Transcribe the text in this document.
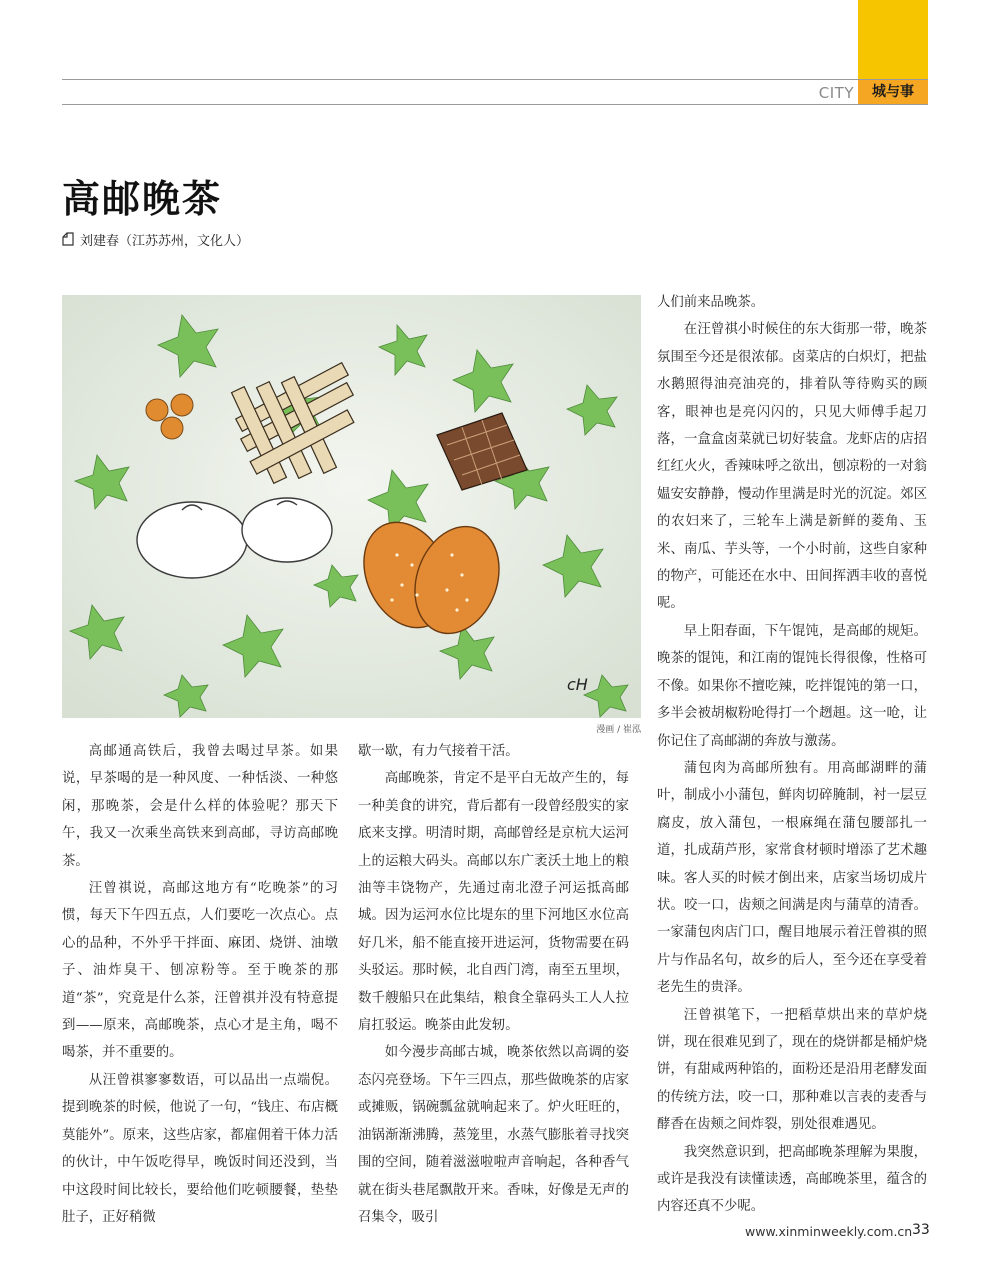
CITY	城与事
高邮晚茶
刘建春（江苏苏州，文化人）
cH
漫画 / 崔泓

高邮通高铁后，我曾去喝过早茶。如果说，早茶喝的是一种风度、一种恬淡、一种悠闲，那晚茶，会是什么样的体验呢？那天下午，我又一次乘坐高铁来到高邮，寻访高邮晚茶。

汪曾祺说，高邮这地方有“吃晚茶”的习惯，每天下午四五点，人们要吃一次点心。点心的品种，不外乎干拌面、麻团、烧饼、油墩子、油炸臭干、刨凉粉等。至于晚茶的那道“茶”，究竟是什么茶，汪曾祺并没有特意提到——原来，高邮晚茶，点心才是主角，喝不喝茶，并不重要的。

从汪曾祺寥寥数语，可以品出一点端倪。提到晚茶的时候，他说了一句，“钱庄、布店概莫能外”。原来，这些店家，都雇佣着干体力活的伙计，中午饭吃得早，晚饭时间还没到，当中这段时间比较长，要给他们吃顿腰餐，垫垫肚子，正好稍微

歇一歇，有力气接着干活。

高邮晚茶，肯定不是平白无故产生的，每一种美食的讲究，背后都有一段曾经殷实的家底来支撑。明清时期，高邮曾经是京杭大运河上的运粮大码头。高邮以东广袤沃土地上的粮油等丰饶物产，先通过南北澄子河运抵高邮城。因为运河水位比堤东的里下河地区水位高好几米，船不能直接开进运河，货物需要在码头驳运。那时候，北自西门湾，南至五里坝，数千艘船只在此集结，粮食全靠码头工人人拉肩扛驳运。晚茶由此发轫。

如今漫步高邮古城，晚茶依然以高调的姿态闪亮登场。下午三四点，那些做晚茶的店家或摊贩，锅碗瓢盆就响起来了。炉火旺旺的，油锅渐渐沸腾，蒸笼里，水蒸气膨胀着寻找突围的空间，随着滋滋啦啦声音响起，各种香气就在街头巷尾飘散开来。香味，好像是无声的召集令，吸引

人们前来品晚茶。

在汪曾祺小时候住的东大街那一带，晚茶氛围至今还是很浓郁。卤菜店的白炽灯，把盐水鹅照得油亮油亮的，排着队等待购买的顾客，眼神也是亮闪闪的，只见大师傅手起刀落，一盒盒卤菜就已切好装盒。龙虾店的店招红红火火，香辣味呼之欲出，刨凉粉的一对翁媪安安静静，慢动作里满是时光的沉淀。郊区的农妇来了，三轮车上满是新鲜的菱角、玉米、南瓜、芋头等，一个小时前，这些自家种的物产，可能还在水中、田间挥洒丰收的喜悦呢。

早上阳春面，下午馄饨，是高邮的规矩。晚茶的馄饨，和江南的馄饨长得很像，性格可不像。如果你不擅吃辣，吃拌馄饨的第一口，多半会被胡椒粉呛得打一个趔趄。这一呛，让你记住了高邮湖的奔放与激荡。

蒲包肉为高邮所独有。用高邮湖畔的蒲叶，制成小小蒲包，鲜肉切碎腌制，衬一层豆腐皮，放入蒲包，一根麻绳在蒲包腰部扎一道，扎成葫芦形，家常食材顿时增添了艺术趣味。客人买的时候才倒出来，店家当场切成片状。咬一口，齿颊之间满是肉与蒲草的清香。一家蒲包肉店门口，醒目地展示着汪曾祺的照片与作品名句，故乡的后人，至今还在享受着老先生的贵泽。

汪曾祺笔下，一把稻草烘出来的草炉烧饼，现在很难见到了，现在的烧饼都是桶炉烧饼，有甜咸两种馅的，面粉还是沿用老酵发面的传统方法，咬一口，那种难以言表的麦香与酵香在齿颊之间炸裂，别处很难遇见。

我突然意识到，把高邮晚茶理解为果腹，或许是我没有读懂读透，高邮晚茶里，蕴含的内容还真不少呢。

www.xinminweekly.com.cn 33
